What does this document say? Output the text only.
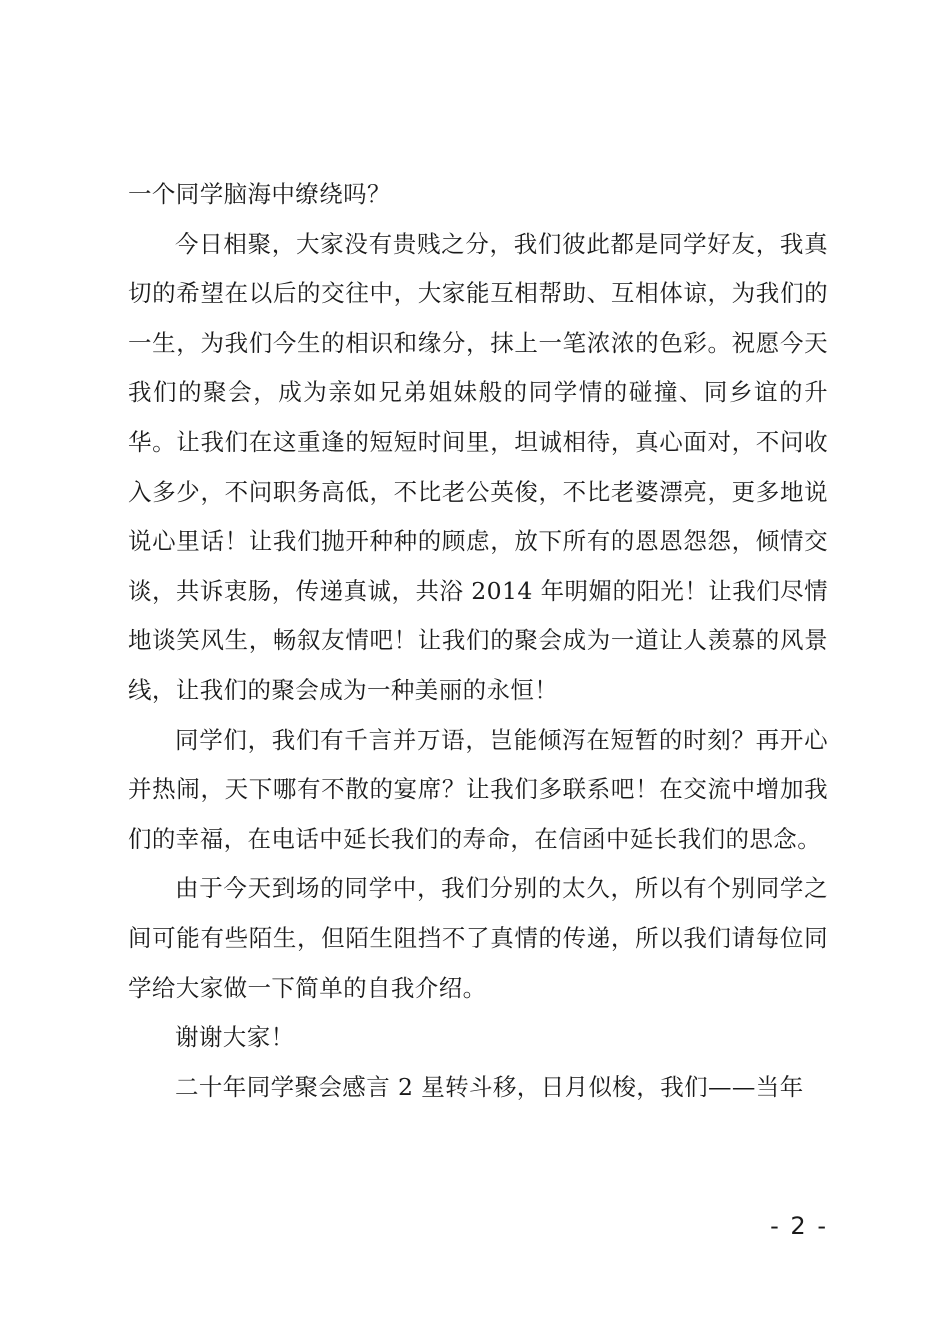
一个同学脑海中缭绕吗？

今日相聚，大家没有贵贱之分，我们彼此都是同学好友，我真切的希望在以后的交往中，大家能互相帮助、互相体谅，为我们的一生，为我们今生的相识和缘分，抹上一笔浓浓的色彩。祝愿今天我们的聚会，成为亲如兄弟姐妹般的同学情的碰撞、同乡谊的升华。让我们在这重逢的短短时间里，坦诚相待，真心面对，不问收入多少，不问职务高低，不比老公英俊，不比老婆漂亮，更多地说说心里话！让我们抛开种种的顾虑，放下所有的恩恩怨怨，倾情交谈，共诉衷肠，传递真诚，共浴 2014 年明媚的阳光！让我们尽情地谈笑风生，畅叙友情吧！让我们的聚会成为一道让人羡慕的风景线，让我们的聚会成为一种美丽的永恒！

同学们，我们有千言并万语，岂能倾泻在短暂的时刻？再开心并热闹，天下哪有不散的宴席？让我们多联系吧！在交流中增加我们的幸福，在电话中延长我们的寿命，在信函中延长我们的思念。

由于今天到场的同学中，我们分别的太久，所以有个别同学之间可能有些陌生，但陌生阻挡不了真情的传递，所以我们请每位同学给大家做一下简单的自我介绍。

谢谢大家！

二十年同学聚会感言 2 星转斗移，日月似梭，我们——当年

- 2 -
